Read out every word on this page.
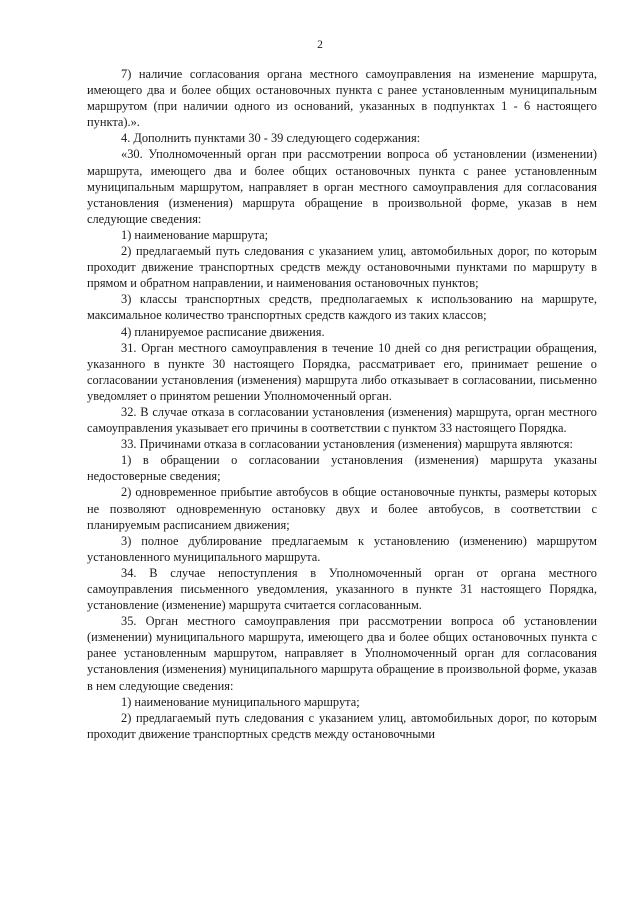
2

7) наличие согласования органа местного самоуправления на изменение маршрута, имеющего два и более общих остановочных пункта с ранее установленным муниципальным маршрутом (при наличии одного из оснований, указанных в подпунктах 1 - 6 настоящего пункта).».

4. Дополнить пунктами 30 - 39 следующего содержания:

«30. Уполномоченный орган при рассмотрении вопроса об установлении (изменении) маршрута, имеющего два и более общих остановочных пункта с ранее установленным муниципальным маршрутом, направляет в орган местного самоуправления для согласования установления (изменения) маршрута обращение в произвольной форме, указав в нем следующие сведения:

1) наименование маршрута;

2) предлагаемый путь следования с указанием улиц, автомобильных дорог, по которым проходит движение транспортных средств между остановочными пунктами по маршруту в прямом и обратном направлении, и наименования остановочных пунктов;

3) классы транспортных средств, предполагаемых к использованию на маршруте, максимальное количество транспортных средств каждого из таких классов;

4) планируемое расписание движения.

31. Орган местного самоуправления в течение 10 дней со дня регистрации обращения, указанного в пункте 30 настоящего Порядка, рассматривает его, принимает решение о согласовании установления (изменения) маршрута либо отказывает в согласовании, письменно уведомляет о принятом решении Уполномоченный орган.

32. В случае отказа в согласовании установления (изменения) маршрута, орган местного самоуправления указывает его причины в соответствии с пунктом 33 настоящего Порядка.

33. Причинами отказа в согласовании установления (изменения) маршрута являются:

1) в обращении о согласовании установления (изменения) маршрута указаны недостоверные сведения;

2) одновременное прибытие автобусов в общие остановочные пункты, размеры которых не позволяют одновременную остановку двух и более автобусов, в соответствии с планируемым расписанием движения;

3) полное дублирование предлагаемым к установлению (изменению) маршрутом установленного муниципального маршрута.

34. В случае непоступления в Уполномоченный орган от органа местного самоуправления письменного уведомления, указанного в пункте 31 настоящего Порядка, установление (изменение) маршрута считается согласованным.

35. Орган местного самоуправления при рассмотрении вопроса об установлении (изменении) муниципального маршрута, имеющего два и более общих остановочных пункта с ранее установленным маршрутом, направляет в Уполномоченный орган для согласования установления (изменения) муниципального маршрута обращение в произвольной форме, указав в нем следующие сведения:

1) наименование муниципального маршрута;

2) предлагаемый путь следования с указанием улиц, автомобильных дорог, по которым проходит движение транспортных средств между остановочными
